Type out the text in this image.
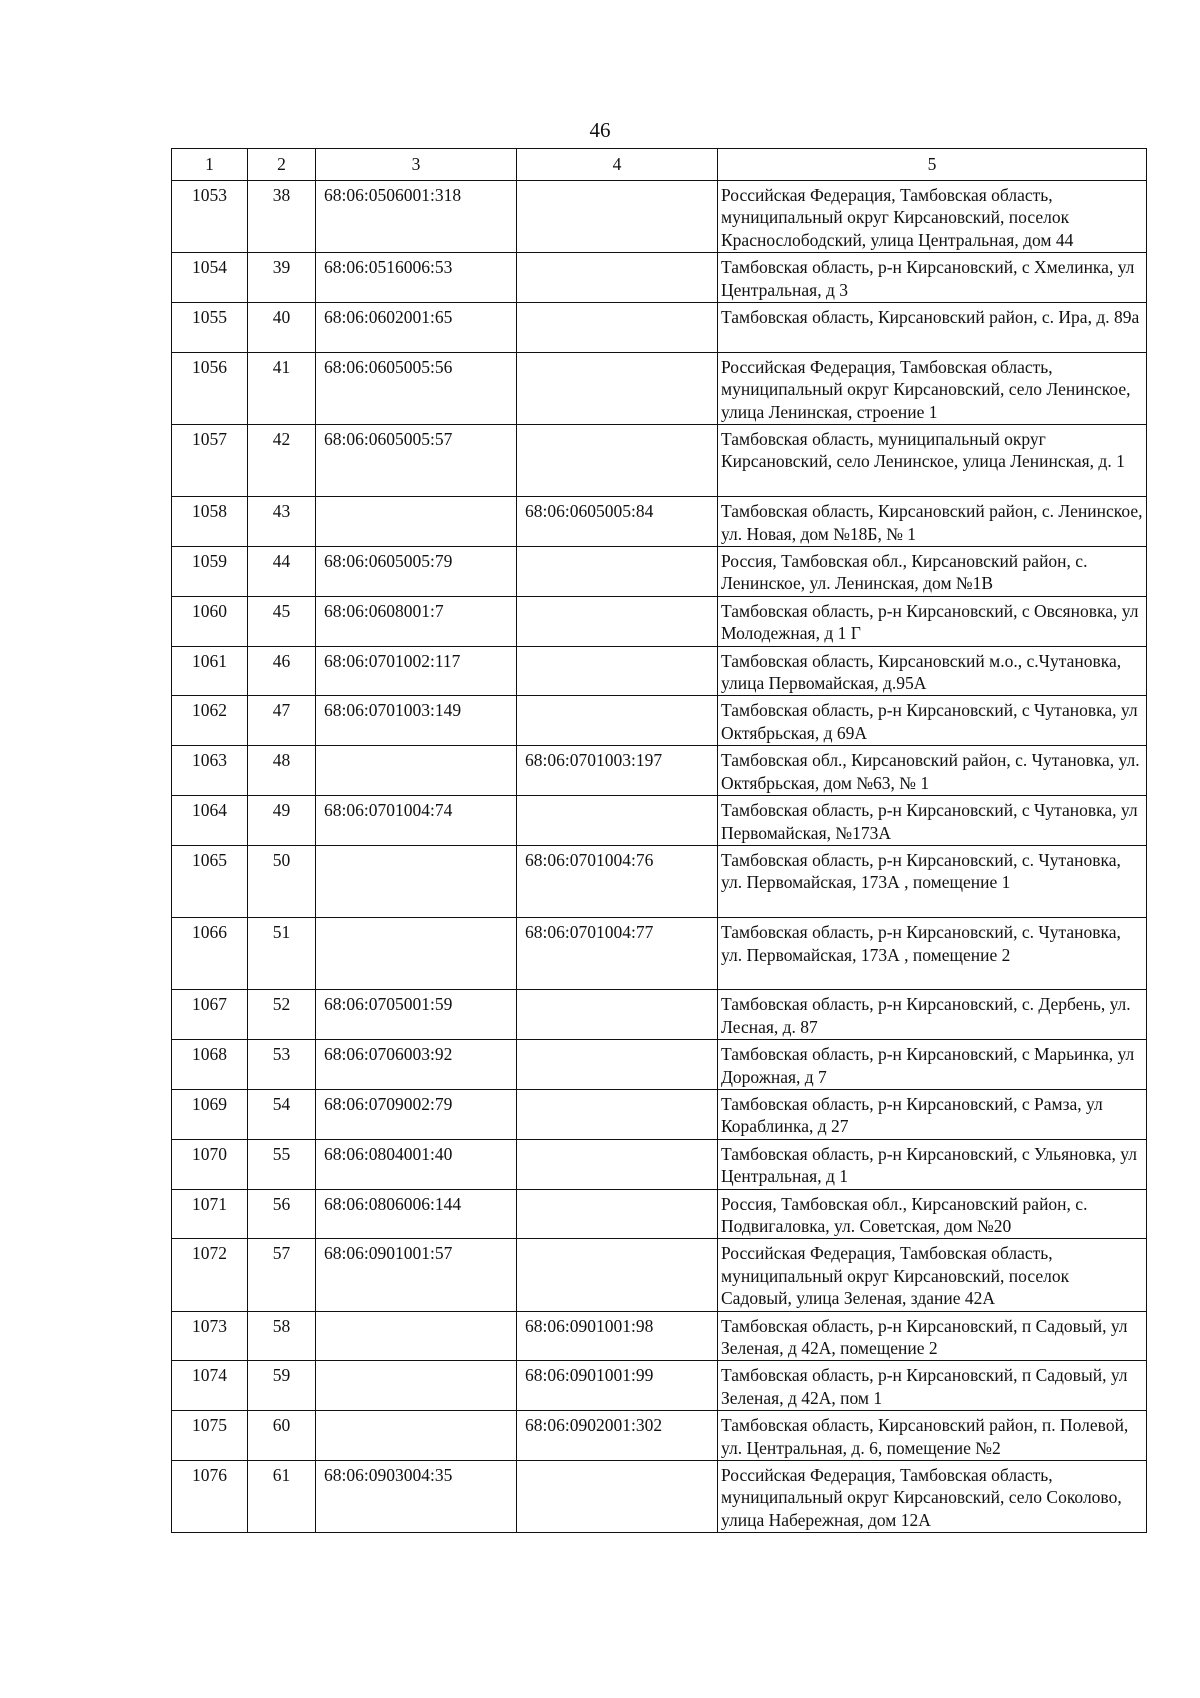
46
1	2	3	4	5
1053	38	68:06:0506001:318		Российская Федерация, Тамбовская область, муниципальный округ Кирсановский, поселок Краснослободский, улица Центральная, дом 44
1054	39	68:06:0516006:53		Тамбовская область, р-н Кирсановский, с Хмелинка, ул Центральная, д 3
1055	40	68:06:0602001:65		Тамбовская область, Кирсановский район, с. Ира, д. 89а
1056	41	68:06:0605005:56		Российская Федерация, Тамбовская область, муниципальный округ Кирсановский, село Ленинское, улица Ленинская, строение 1
1057	42	68:06:0605005:57		Тамбовская область, муниципальный округ Кирсановский, село Ленинское, улица Ленинская, д. 1
1058	43		68:06:0605005:84	Тамбовская область, Кирсановский район, с. Ленинское, ул. Новая, дом №18Б, № 1
1059	44	68:06:0605005:79		Россия, Тамбовская обл., Кирсановский район, с. Ленинское, ул. Ленинская, дом №1В
1060	45	68:06:0608001:7		Тамбовская область, р-н Кирсановский, с Овсяновка, ул Молодежная, д 1 Г
1061	46	68:06:0701002:117		Тамбовская область, Кирсановский м.о., с.Чутановка, улица Первомайская, д.95А
1062	47	68:06:0701003:149		Тамбовская область, р-н Кирсановский, с Чутановка, ул Октябрьская, д 69А
1063	48		68:06:0701003:197	Тамбовская обл., Кирсановский район, с. Чутановка, ул. Октябрьская, дом №63, № 1
1064	49	68:06:0701004:74		Тамбовская область, р-н Кирсановский, с Чутановка, ул Первомайская, №173А
1065	50		68:06:0701004:76	Тамбовская область, р-н Кирсановский, с. Чутановка, ул. Первомайская, 173А , помещение 1
1066	51		68:06:0701004:77	Тамбовская область, р-н Кирсановский, с. Чутановка, ул. Первомайская, 173А , помещение 2
1067	52	68:06:0705001:59		Тамбовская область, р-н Кирсановский, с. Дербень, ул. Лесная, д. 87
1068	53	68:06:0706003:92		Тамбовская область, р-н Кирсановский, с Марьинка, ул Дорожная, д 7
1069	54	68:06:0709002:79		Тамбовская область, р-н Кирсановский, с Рамза, ул Кораблинка, д 27
1070	55	68:06:0804001:40		Тамбовская область, р-н Кирсановский, с Ульяновка, ул Центральная, д 1
1071	56	68:06:0806006:144		Россия, Тамбовская обл., Кирсановский район, с. Подвигаловка, ул. Советская, дом №20
1072	57	68:06:0901001:57		Российская Федерация, Тамбовская область, муниципальный округ Кирсановский, поселок Садовый, улица Зеленая, здание 42А
1073	58		68:06:0901001:98	Тамбовская область, р-н Кирсановский, п Садовый, ул Зеленая, д 42А, помещение 2
1074	59		68:06:0901001:99	Тамбовская область, р-н Кирсановский, п Садовый, ул Зеленая, д 42А, пом 1
1075	60		68:06:0902001:302	Тамбовская область, Кирсановский район, п. Полевой, ул. Центральная, д. 6, помещение №2
1076	61	68:06:0903004:35		Российская Федерация, Тамбовская область, муниципальный округ Кирсановский, село Соколово, улица Набережная, дом 12А
